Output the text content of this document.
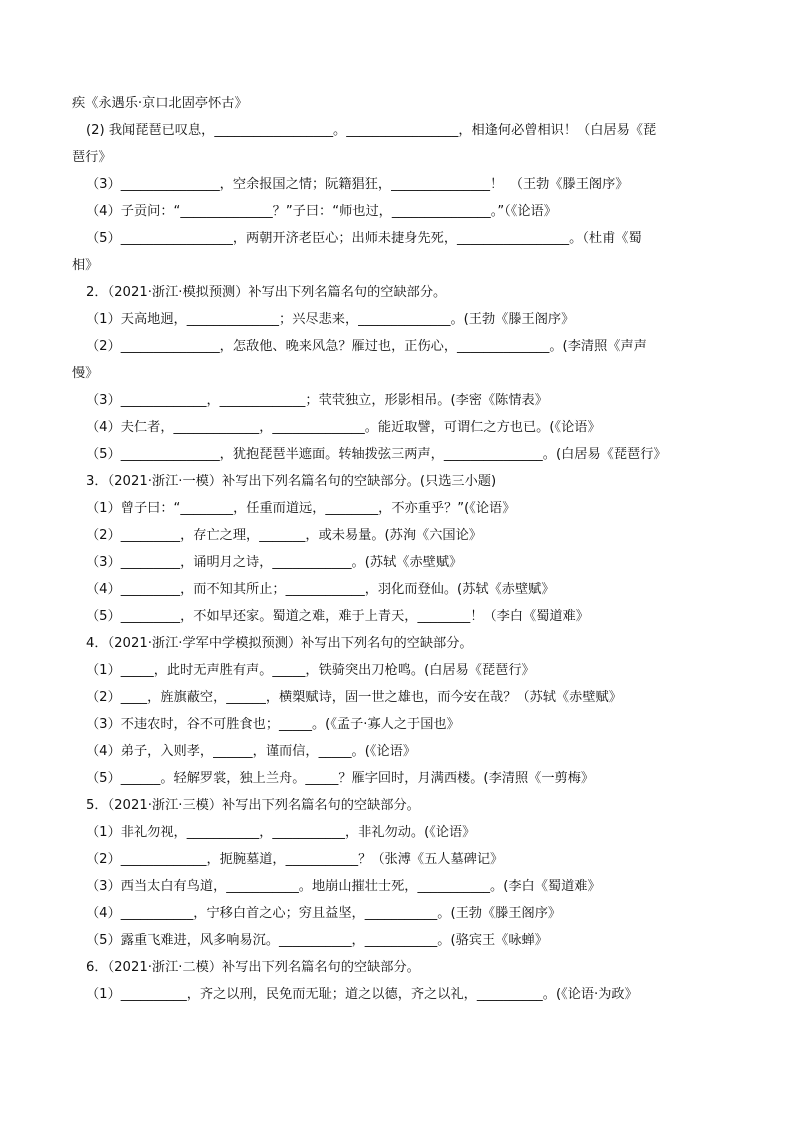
疾《永遇乐·京口北固亭怀古》
(2) 我闻琵琶已叹息，__________________。_________________，相逢何必曾相识！（白居易《琵
琶行》
（3）_______________，空余报国之情；阮籍猖狂，_______________！　（王勃《滕王阁序》
（4）子贡问：“______________？”子曰：“师也过，_______________。”（《论语》
（5）_________________，两朝开济老臣心；出师未捷身先死，_________________。（杜甫《蜀
相》
2．（2021·浙江·模拟预测）补写出下列名篇名句的空缺部分。
（1）天高地迥，______________；兴尽悲来，______________。(王勃《滕王阁序》
（2）_______________，怎敌他、晚来风急？雁过也，正伤心，______________。(李清照《声声
慢》
（3）_____________，_____________；茕茕独立，形影相吊。(李密《陈情表》
（4）夫仁者，_____________，______________。能近取譬，可谓仁之方也已。(《论语》
（5）_______________，犹抱琵琶半遮面。转轴拨弦三两声，_______________。(白居易《琵琶行》
3．（2021·浙江·一模）补写出下列名篇名句的空缺部分。(只选三小题)
（1）曾子曰：“________，任重而道远，________，不亦重乎？”(《论语》
（2）_________，存亡之理，_______，或未易量。(苏洵《六国论》
（3）_________，诵明月之诗，____________。(苏轼《赤壁赋》
（4）_________，而不知其所止；____________，羽化而登仙。(苏轼《赤壁赋》
（5）_________，不如早还家。蜀道之难，难于上青天，________！（李白《蜀道难》
4．（2021·浙江·学军中学模拟预测）补写出下列名句的空缺部分。
（1）_____，此时无声胜有声。_____，铁骑突出刀枪鸣。(白居易《琵琶行》
（2）____，旌旗蔽空，______，横槊赋诗，固一世之雄也，而今安在哉？（苏轼《赤壁赋》
（3）不违农时，谷不可胜食也；_____。(《孟子·寡人之于国也》
（4）弟子，入则孝，______，谨而信，_____。(《论语》
（5）______。轻解罗裳，独上兰舟。_____？雁字回时，月满西楼。(李清照《一剪梅》
5．（2021·浙江·三模）补写出下列名篇名句的空缺部分。
（1）非礼勿视，___________，___________，非礼勿动。(《论语》
（2）_____________，扼腕墓道，___________？（张溥《五人墓碑记》
（3）西当太白有鸟道，___________。地崩山摧壮士死，___________。(李白《蜀道难》
（4）___________，宁移白首之心；穷且益坚，___________。(王勃《滕王阁序》
（5）露重飞难进，风多响易沉。___________，___________。(骆宾王《咏蝉》
6．（2021·浙江·二模）补写出下列名篇名句的空缺部分。
（1）__________，齐之以刑，民免而无耻；道之以德，齐之以礼，__________。(《论语·为政》
